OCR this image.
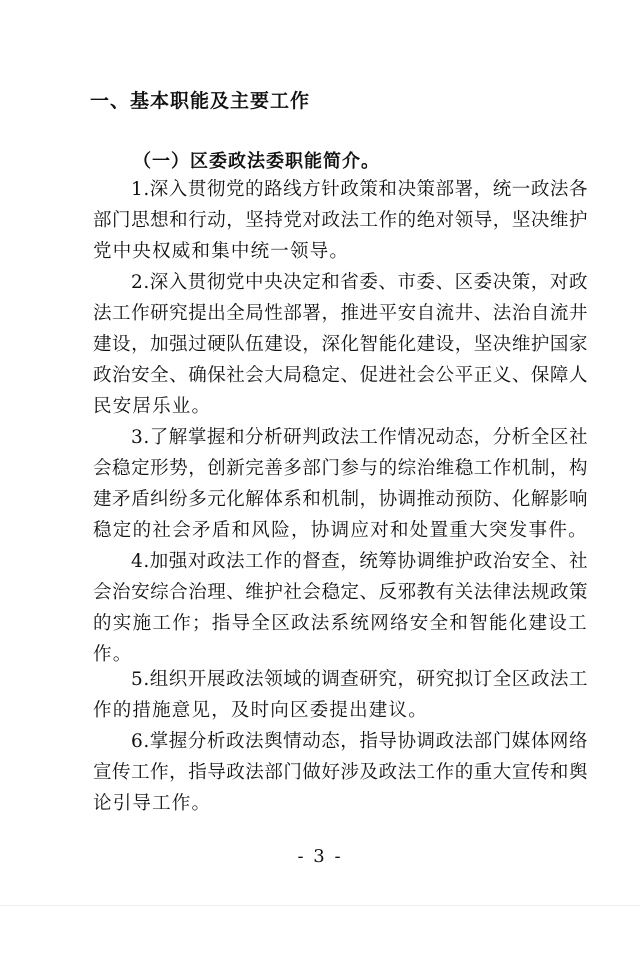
一、基本职能及主要工作
（一）区委政法委职能简介。
1.深入贯彻党的路线方针政策和决策部署，统一政法各
部门思想和行动，坚持党对政法工作的绝对领导，坚决维护
党中央权威和集中统一领导。
2.深入贯彻党中央决定和省委、市委、区委决策，对政
法工作研究提出全局性部署，推进平安自流井、法治自流井
建设，加强过硬队伍建设，深化智能化建设，坚决维护国家
政治安全、确保社会大局稳定、促进社会公平正义、保障人
民安居乐业。
3.了解掌握和分析研判政法工作情况动态，分析全区社
会稳定形势，创新完善多部门参与的综治维稳工作机制，构
建矛盾纠纷多元化解体系和机制，协调推动预防、化解影响
稳定的社会矛盾和风险，协调应对和处置重大突发事件。
4.加强对政法工作的督查，统筹协调维护政治安全、社
会治安综合治理、维护社会稳定、反邪教有关法律法规政策
的实施工作；指导全区政法系统网络安全和智能化建设工
作。
5.组织开展政法领域的调查研究，研究拟订全区政法工
作的措施意见，及时向区委提出建议。
6.掌握分析政法舆情动态，指导协调政法部门媒体网络
宣传工作，指导政法部门做好涉及政法工作的重大宣传和舆
论引导工作。
- 3 -
